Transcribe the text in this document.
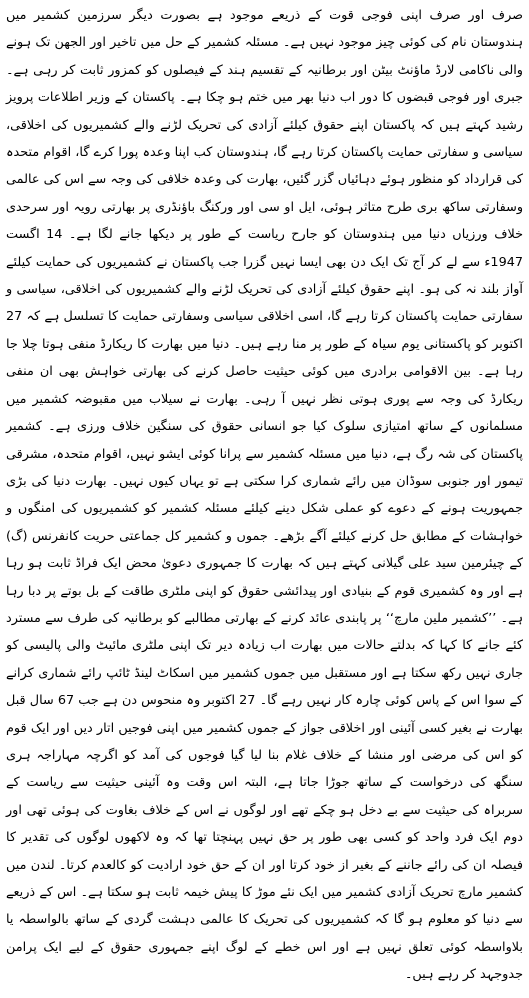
صرف اور صرف اپنی فوجی قوت کے ذریعے موجود ہے بصورت دیگر سرزمین کشمیر میں ہندوستان نام کی کوئی چیز موجود نہیں ہے۔ مسئلہ کشمیر کے حل میں تاخیر اور الجھن تک ہونے والی ناکامی لارڈ ماؤنٹ بیٹن اور برطانیہ کے تقسیم ہند کے فیصلوں کو کمزور ثابت کر رہی ہے۔ جبری اور فوجی قبضوں کا دور اب دنیا بھر میں ختم ہو چکا ہے۔ پاکستان کے وزیر اطلاعات پرویز رشید کہتے ہیں کہ پاکستان اپنے حقوق کیلئے آزادی کی تحریک لڑنے والے کشمیریوں کی اخلاقی، سیاسی و سفارتی حمایت پاکستان کرتا رہے گا، ہندوستان کب اپنا وعدہ پورا کرے گا، اقوام متحدہ کی قرارداد کو منظور ہوئے دہائیاں گزر گئیں، بھارت کی وعدہ خلافی کی وجہ سے اس کی عالمی وسفارتی ساکھ بری طرح متاثر ہوئی، ایل او سی اور ورکنگ باؤنڈری پر بھارتی رویہ اور سرحدی خلاف ورزیاں دنیا میں ہندوستان کو جارح ریاست کے طور پر دیکھا جانے لگا ہے۔ 14 اگست 1947ء سے لے کر آج تک ایک دن بھی ایسا نہیں گزرا جب پاکستان نے کشمیریوں کی حمایت کیلئے آواز بلند نہ کی ہو۔ اپنے حقوق کیلئے آزادی کی تحریک لڑنے والے کشمیریوں کی اخلاقی، سیاسی و سفارتی حمایت پاکستان کرتا رہے گا، اسی اخلاقی سیاسی وسفارتی حمایت کا تسلسل ہے کہ 27 اکتوبر کو پاکستانی یوم سیاہ کے طور پر منا رہے ہیں۔ دنیا میں بھارت کا ریکارڈ منفی ہوتا چلا جا رہا ہے۔ بین الاقوامی برادری میں کوئی حیثیت حاصل کرنے کی بھارتی خواہش بھی ان منفی ریکارڈ کی وجہ سے پوری ہوتی نظر نہیں آ رہی۔ بھارت نے سیلاب میں مقبوضہ کشمیر میں مسلمانوں کے ساتھ امتیازی سلوک کیا جو انسانی حقوق کی سنگین خلاف ورزی ہے۔ کشمیر پاکستان کی شہ رگ ہے، دنیا میں مسئلہ کشمیر سے پرانا کوئی ایشو نہیں، اقوام متحدہ، مشرقی تیمور اور جنوبی سوڈان میں رائے شماری کرا سکتی ہے تو یہاں کیوں نہیں۔ بھارت دنیا کی بڑی جمہوریت ہونے کے دعوے کو عملی شکل دینے کیلئے مسئلہ کشمیر کو کشمیریوں کی امنگوں و خواہشات کے مطابق حل کرنے کیلئے آگے بڑھے۔ جموں و کشمیر کل جماعتی حریت کانفرنس (گ) کے چیئرمین سید علی گیلانی کہتے ہیں کہ بھارت کا جمہوری دعویٰ محض ایک فراڈ ثابت ہو رہا ہے اور وہ کشمیری قوم کے بنیادی اور پیدائشی حقوق کو اپنی ملٹری طاقت کے بل بوتے پر دبا رہا ہے۔ ’’کشمیر ملین مارچ‘‘ پر پابندی عائد کرنے کے بھارتی مطالبے کو برطانیہ کی طرف سے مسترد کئے جانے کا کہا کہ بدلتے حالات میں بھارت اب زیادہ دیر تک اپنی ملٹری مائیٹ والی پالیسی کو جاری نہیں رکھ سکتا ہے اور مستقبل میں جموں کشمیر میں اسکاٹ لینڈ ٹائپ رائے شماری کرانے کے سوا اس کے پاس کوئی چارہ کار نہیں رہے گا۔ 27 اکتوبر وہ منحوس دن ہے جب 67 سال قبل بھارت نے بغیر کسی آئینی اور اخلاقی جواز کے جموں کشمیر میں اپنی فوجیں اتار دیں اور ایک قوم کو اس کی مرضی اور منشا کے خلاف غلام بنا لیا گیا فوجوں کی آمد کو اگرچہ مہاراجہ ہری سنگھ کی درخواست کے ساتھ جوڑا جاتا ہے، البتہ اس وقت وہ آئینی حیثیت سے ریاست کے سربراہ کی حیثیت سے بے دخل ہو چکے تھے اور لوگوں نے اس کے خلاف بغاوت کی ہوئی تھی اور دوم ایک فرد واحد کو کسی بھی طور پر حق نہیں پہنچتا تھا کہ وہ لاکھوں لوگوں کی تقدیر کا فیصلہ ان کی رائے جاننے کے بغیر از خود کرتا اور ان کے حق خود ارادیت کو کالعدم کرتا۔ لندن میں کشمیر مارچ تحریک آزادی کشمیر میں ایک نئے موڑ کا پیش خیمہ ثابت ہو سکتا ہے۔ اس کے ذریعے سے دنیا کو معلوم ہو گا کہ کشمیریوں کی تحریک کا عالمی دہشت گردی کے ساتھ بالواسطہ یا بلاواسطہ کوئی تعلق نہیں ہے اور اس خطے کے لوگ اپنے جمہوری حقوق کے لیے ایک پرامن جدوجہد کر رہے ہیں۔
